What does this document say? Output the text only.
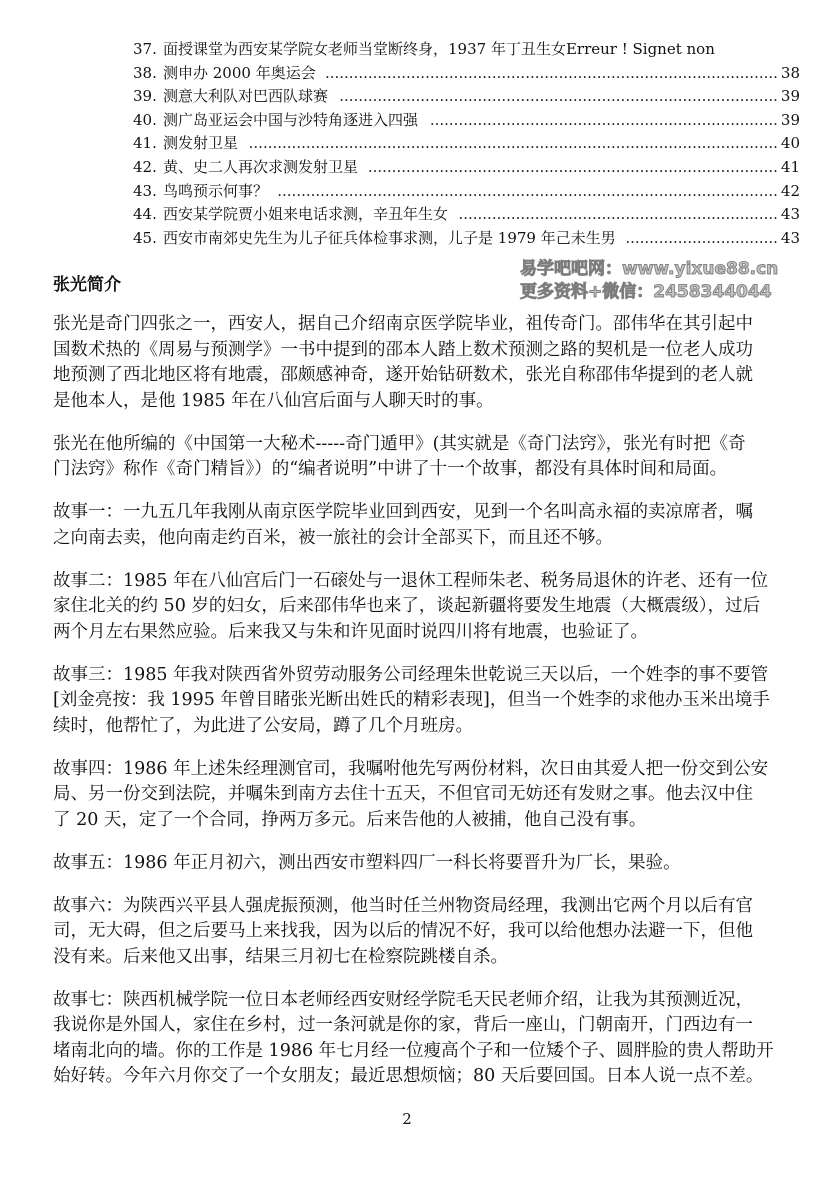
37. 面授课堂为西安某学院女老师当堂断终身，1937 年丁丑生女Erreur ! Signet non
38. 测申办 2000 年奥运会 ............................................................................................... 38
39. 测意大利队对巴西队球赛 ............................................................................................ 39
40. 测广岛亚运会中国与沙特角逐进入四强 ......................................................................... 39
41. 测发射卫星 ............................................................................................................... 40
42. 黄、史二人再次求测发射卫星 ...................................................................................... 41
43. 鸟鸣预示何事？ ......................................................................................................... 42
44. 西安某学院贾小姐来电话求测，辛丑年生女 ................................................................... 43
45. 西安市南郊史先生为儿子征兵体检事求测，儿子是 1979 年己未生男 ................................ 43
张光简介
张光是奇门四张之一，西安人，据自己介绍南京医学院毕业，祖传奇门。邵伟华在其引起中
国数术热的《周易与预测学》一书中提到的邵本人踏上数术预测之路的契机是一位老人成功
地预测了西北地区将有地震，邵颇感神奇，遂开始钻研数术，张光自称邵伟华提到的老人就
是他本人，是他 1985 年在八仙宫后面与人聊天时的事。
张光在他所编的《中国第一大秘术-----奇门遁甲》(其实就是《奇门法窍》，张光有时把《奇
门法窍》称作《奇门精旨》）的“编者说明”中讲了十一个故事，都没有具体时间和局面。
故事一：一九五几年我刚从南京医学院毕业回到西安，见到一个名叫高永福的卖凉席者，嘱
之向南去卖，他向南走约百米，被一旅社的会计全部买下，而且还不够。
故事二：1985 年在八仙宫后门一石磙处与一退休工程师朱老、税务局退休的许老、还有一位
家住北关的约 50 岁的妇女，后来邵伟华也来了，谈起新疆将要发生地震（大概震级），过后
两个月左右果然应验。后来我又与朱和许见面时说四川将有地震，也验证了。
故事三：1985 年我对陕西省外贸劳动服务公司经理朱世乾说三天以后，一个姓李的事不要管
[刘金亮按：我 1995 年曾目睹张光断出姓氏的精彩表现]，但当一个姓李的求他办玉米出境手
续时，他帮忙了，为此进了公安局，蹲了几个月班房。
故事四：1986 年上述朱经理测官司，我嘱咐他先写两份材料，次日由其爱人把一份交到公安
局、另一份交到法院，并嘱朱到南方去住十五天，不但官司无妨还有发财之事。他去汉中住
了 20 天，定了一个合同，挣两万多元。后来告他的人被捕，他自己没有事。
故事五：1986 年正月初六，测出西安市塑料四厂一科长将要晋升为厂长，果验。
故事六：为陕西兴平县人强虎振预测，他当时任兰州物资局经理，我测出它两个月以后有官
司，无大碍，但之后要马上来找我，因为以后的情况不好，我可以给他想办法避一下，但他
没有来。后来他又出事，结果三月初七在检察院跳楼自杀。
故事七：陕西机械学院一位日本老师经西安财经学院毛天民老师介绍，让我为其预测近况，
我说你是外国人，家住在乡村，过一条河就是你的家，背后一座山，门朝南开，门西边有一
堵南北向的墙。你的工作是 1986 年七月经一位瘦高个子和一位矮个子、圆胖脸的贵人帮助开
始好转。今年六月你交了一个女朋友；最近思想烦恼；80 天后要回国。日本人说一点不差。
易学吧吧网：www.yixue88.cn
更多资料+微信：2458344044
2
